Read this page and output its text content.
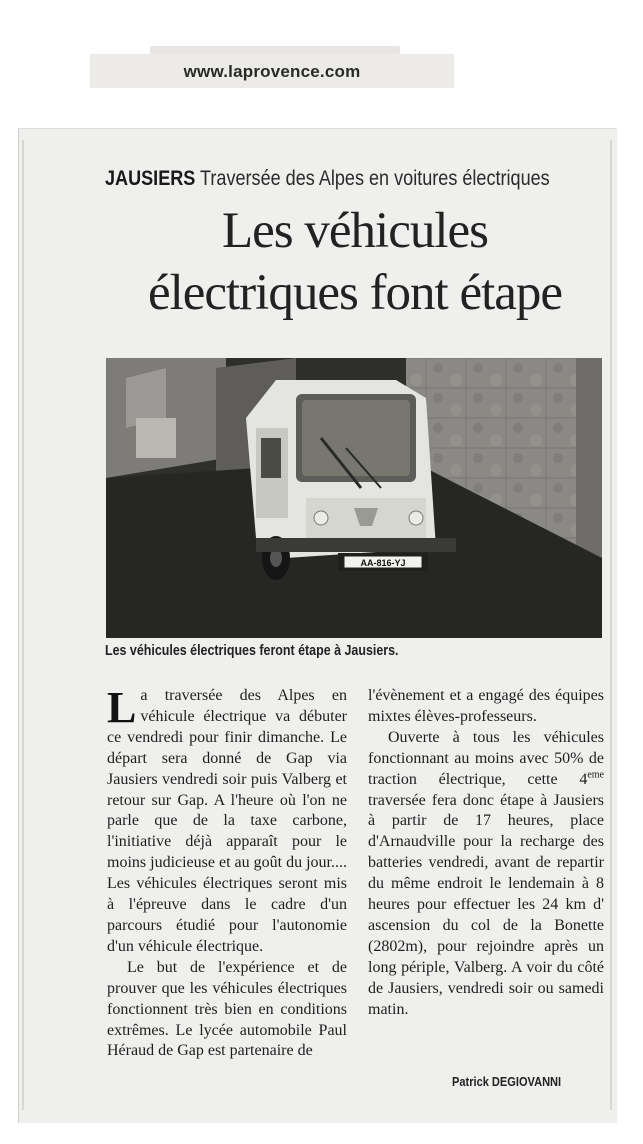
www.laprovence.com
JAUSIERS Traversée des Alpes en voitures électriques
Les véhicules
électriques font étape
AA-816-YJ
Les véhicules électriques feront étape à Jausiers.

La traversée des Alpes en véhicule électrique va débuter ce vendredi pour finir dimanche. Le départ sera donné de Gap via Jausiers vendredi soir puis Valberg et retour sur Gap. A l'heure où l'on ne parle que de la taxe carbone, l'initiative déjà apparaît pour le moins judicieuse et au goût du jour.... Les véhicules électriques seront mis à l'épreuve dans le cadre d'un parcours étudié pour l'autonomie d'un véhicule électrique.

Le but de l'expérience et de prouver que les véhicules électriques fonctionnent très bien en conditions extrêmes. Le lycée automobile Paul Héraud de Gap est partenaire de

l'évènement et a engagé des équipes mixtes élèves-professeurs.

Ouverte à tous les véhicules fonctionnant au moins avec 50% de traction électrique, cette 4eme traversée fera donc étape à Jausiers à partir de 17 heures, place d'Arnaudville pour la recharge des batteries vendredi, avant de repartir du même endroit le lendemain à 8 heures pour effectuer les 24 km d' ascension du col de la Bonette (2802m), pour rejoindre après un long périple, Valberg. A voir du côté de Jausiers, vendredi soir ou samedi matin.

Patrick DEGIOVANNI
